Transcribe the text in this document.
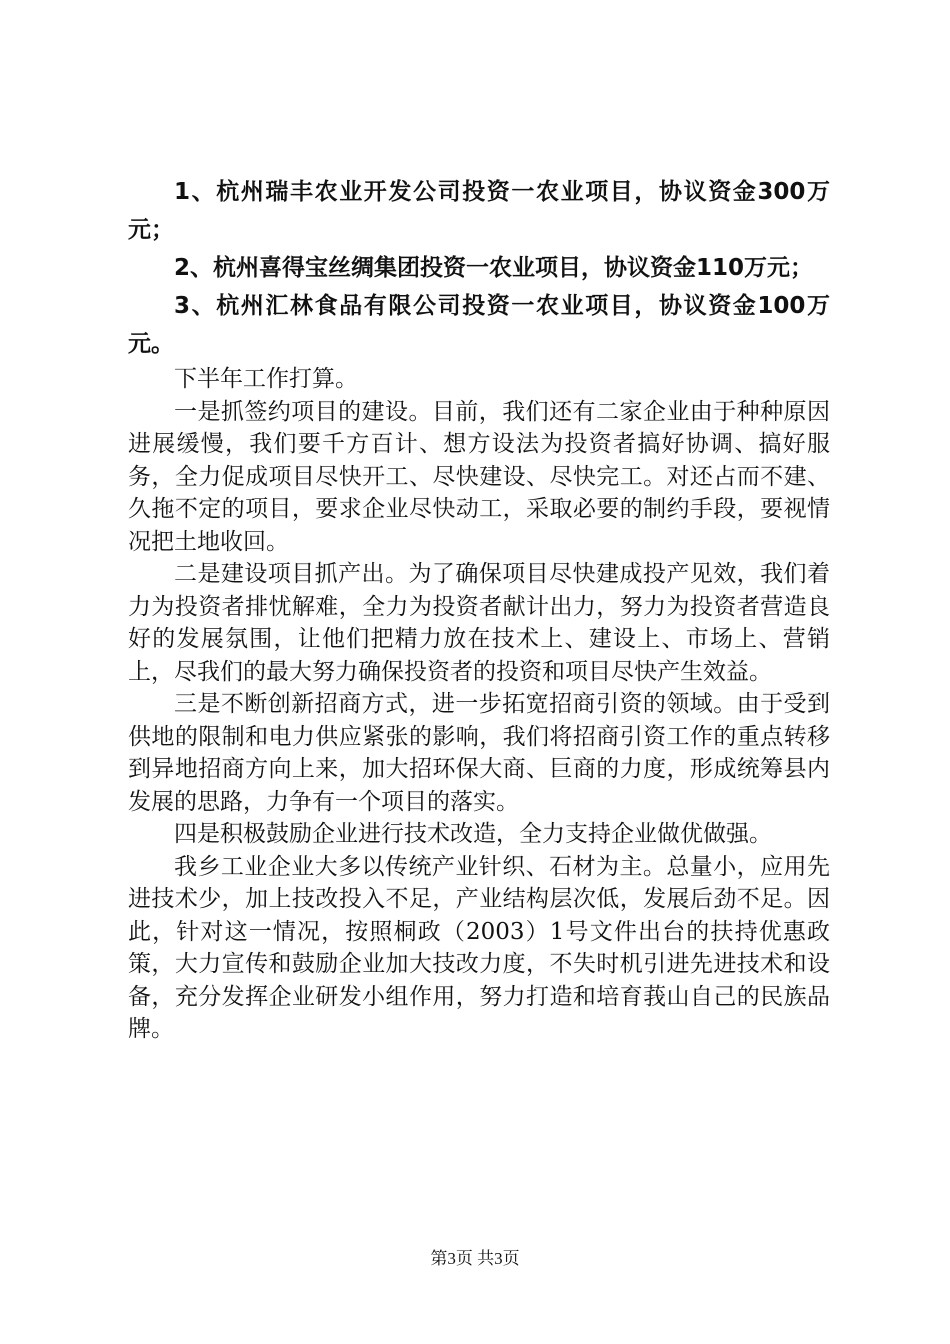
1、杭州瑞丰农业开发公司投资一农业项目，协议资金300万元；

2、杭州喜得宝丝绸集团投资一农业项目，协议资金110万元；

3、杭州汇林食品有限公司投资一农业项目，协议资金100万元。

下半年工作打算。

一是抓签约项目的建设。目前，我们还有二家企业由于种种原因进展缓慢，我们要千方百计、想方设法为投资者搞好协调、搞好服务，全力促成项目尽快开工、尽快建设、尽快完工。对还占而不建、久拖不定的项目，要求企业尽快动工，采取必要的制约手段，要视情况把土地收回。

二是建设项目抓产出。为了确保项目尽快建成投产见效，我们着力为投资者排忧解难，全力为投资者献计出力，努力为投资者营造良好的发展氛围，让他们把精力放在技术上、建设上、市场上、营销上，尽我们的最大努力确保投资者的投资和项目尽快产生效益。

三是不断创新招商方式，进一步拓宽招商引资的领域。由于受到供地的限制和电力供应紧张的影响，我们将招商引资工作的重点转移到异地招商方向上来，加大招环保大商、巨商的力度，形成统筹县内发展的思路，力争有一个项目的落实。

四是积极鼓励企业进行技术改造，全力支持企业做优做强。

我乡工业企业大多以传统产业针织、石材为主。总量小，应用先进技术少，加上技改投入不足，产业结构层次低，发展后劲不足。因此，针对这一情况，按照桐政（2003）1号文件出台的扶持优惠政策，大力宣传和鼓励企业加大技改力度，不失时机引进先进技术和设备，充分发挥企业研发小组作用，努力打造和培育莪山自己的民族品牌。

第3页 共3页
